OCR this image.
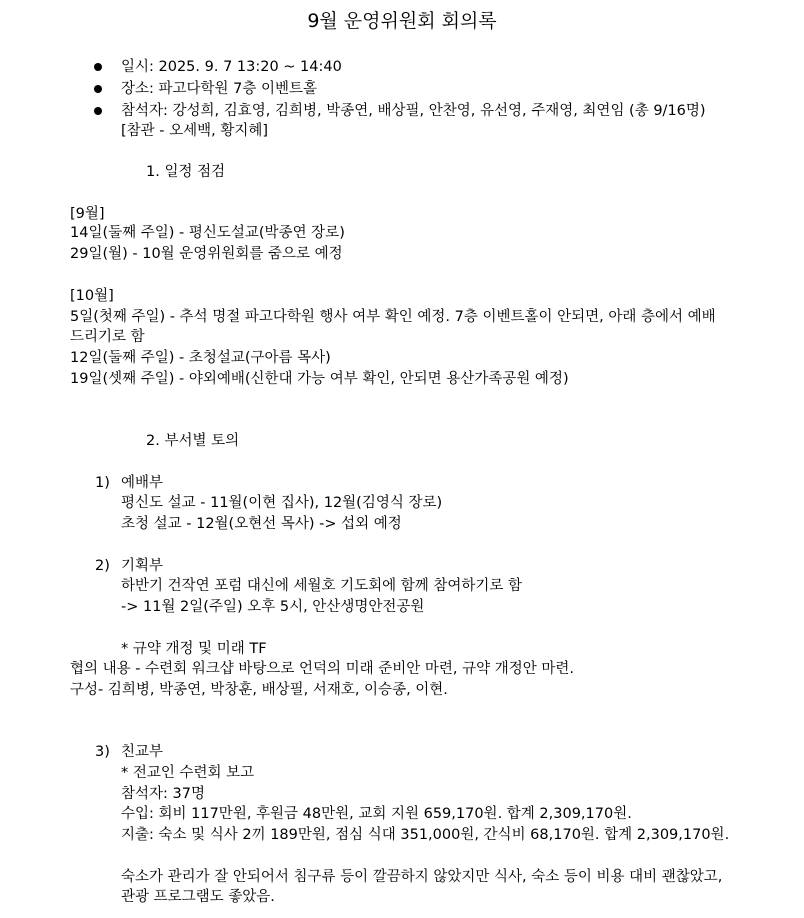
9월 운영위원회 회의록
일시: 2025. 9. 7 13:20 ~ 14:40
장소: 파고다학원 7층 이벤트홀
참석자: 강성희, 김효영, 김희병, 박종연, 배상필, 안찬영, 유선영, 주재영, 최연임 (총 9/16명)
[참관 - 오세백, 황지혜]
1. 일정 점검
[9월]
14일(둘째 주일) - 평신도설교(박종연 장로)
29일(월) - 10월 운영위원회를 줌으로 예정
[10월]
5일(첫째 주일) - 추석 명절 파고다학원 행사 여부 확인 예정. 7층 이벤트홀이 안되면, 아래 층에서 예배
드리기로 함
12일(둘째 주일) - 초청설교(구아름 목사)
19일(셋째 주일) - 야외예배(신한대 가능 여부 확인, 안되면 용산가족공원 예정)
2. 부서별 토의
1) 예배부
평신도 설교 - 11월(이현 집사), 12월(김영식 장로)
초청 설교 - 12월(오현선 목사) -> 섭외 예정
2) 기획부
하반기 건작연 포럼 대신에 세월호 기도회에 함께 참여하기로 함
-> 11월 2일(주일) 오후 5시, 안산생명안전공원
* 규약 개정 및 미래 TF
협의 내용 - 수련회 워크샵 바탕으로 언덕의 미래 준비안 마련, 규약 개정안 마련.
구성- 김희병, 박종연, 박창훈, 배상필, 서재호, 이승종, 이현.
3) 친교부
* 전교인 수련회 보고
참석자: 37명
수입: 회비 117만원, 후원금 48만원, 교회 지원 659,170원. 합계 2,309,170원.
지출: 숙소 및 식사 2끼 189만원, 점심 식대 351,000원, 간식비 68,170원. 합계 2,309,170원.
숙소가 관리가 잘 안되어서 침구류 등이 깔끔하지 않았지만 식사, 숙소 등이 비용 대비 괜찮았고,
관광 프로그램도 좋았음.
